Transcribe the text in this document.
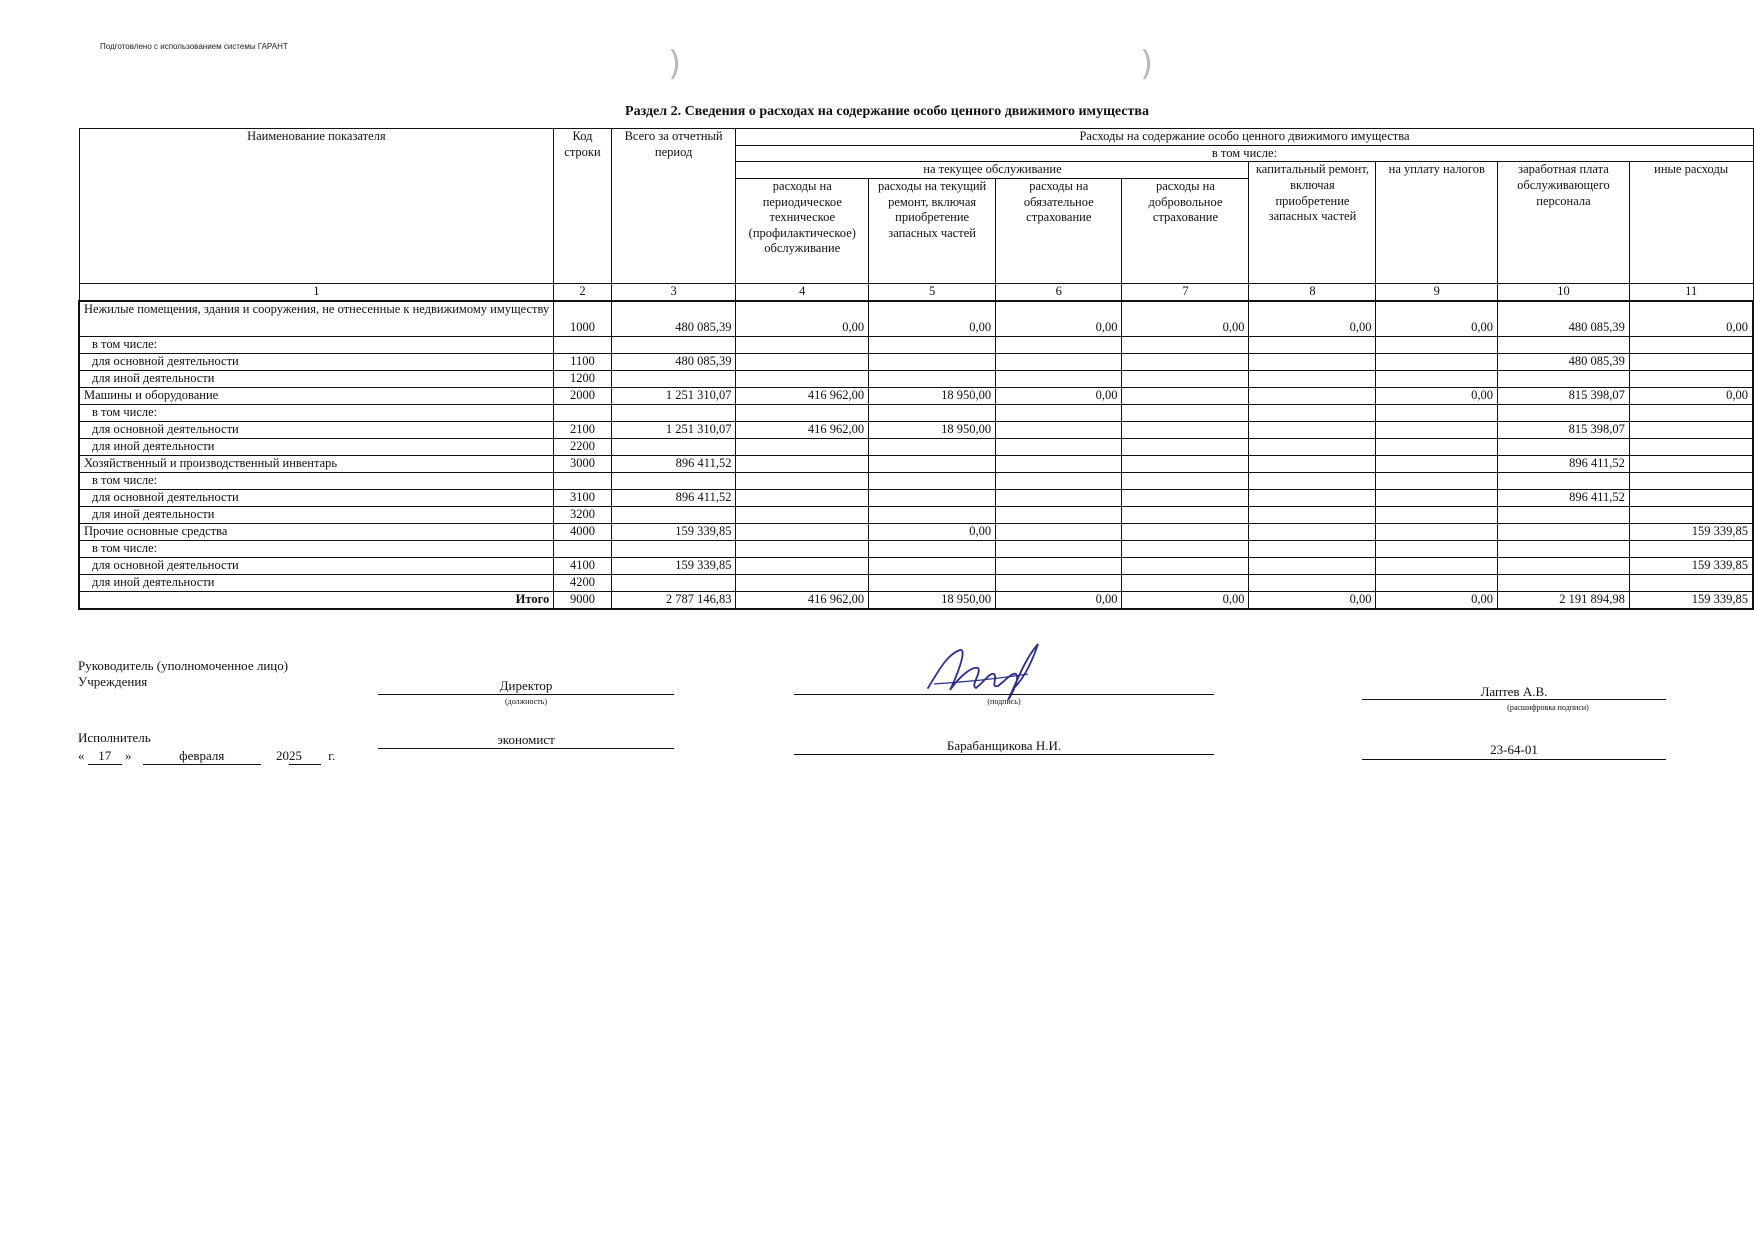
Подготовлено с использованием системы ГАРАНТ	)	)
Раздел 2. Сведения о расходах на содержание особо ценного движимого имущества
Наименование показателя	Код строки	Всего за отчетный период	Расходы на содержание особо ценного движимого имущества							
			в том числе:							
			на текущее обслуживание				капитальный ремонт, включая приобретение запасных частей	на уплату налогов	заработная плата обслуживающего персонала	иные расходы
			расходы на периодическое техническое (профилактическое) обслуживание	расходы на текущий ремонт, включая приобретение запасных частей	расходы на обязательное страхование	расходы на добровольное страхование				
1	2	3	4	5	6	7	8	9	10	11
Нежилые помещения, здания и сооружения, не отнесенные к недвижимому имуществу	1000	480 085,39	0,00	0,00	0,00	0,00	0,00	0,00	480 085,39	0,00
в том числе:										
для основной деятельности	1100	480 085,39							480 085,39	
для иной деятельности	1200									
Машины и оборудование	2000	1 251 310,07	416 962,00	18 950,00	0,00			0,00	815 398,07	0,00
в том числе:										
для основной деятельности	2100	1 251 310,07	416 962,00	18 950,00					815 398,07	
для иной деятельности	2200									
Хозяйственный и производственный инвентарь	3000	896 411,52							896 411,52	
в том числе:										
для основной деятельности	3100	896 411,52							896 411,52	
для иной деятельности	3200									
Прочие основные средства	4000	159 339,85		0,00						159 339,85
в том числе:										
для основной деятельности	4100	159 339,85								159 339,85
для иной деятельности	4200									
Итого	9000	2 787 146,83	416 962,00	18 950,00	0,00	0,00	0,00	0,00	2 191 894,98	159 339,85
Руководитель (уполномоченное лицо)
Учреждения	Директор
(должность)	(подпись)
Лаптев А.В.
(расшифровка подписи)
Исполнитель	экономист	Барабанщикова Н.И.	23-64-01
« 17 »	февраля	2025 г.
